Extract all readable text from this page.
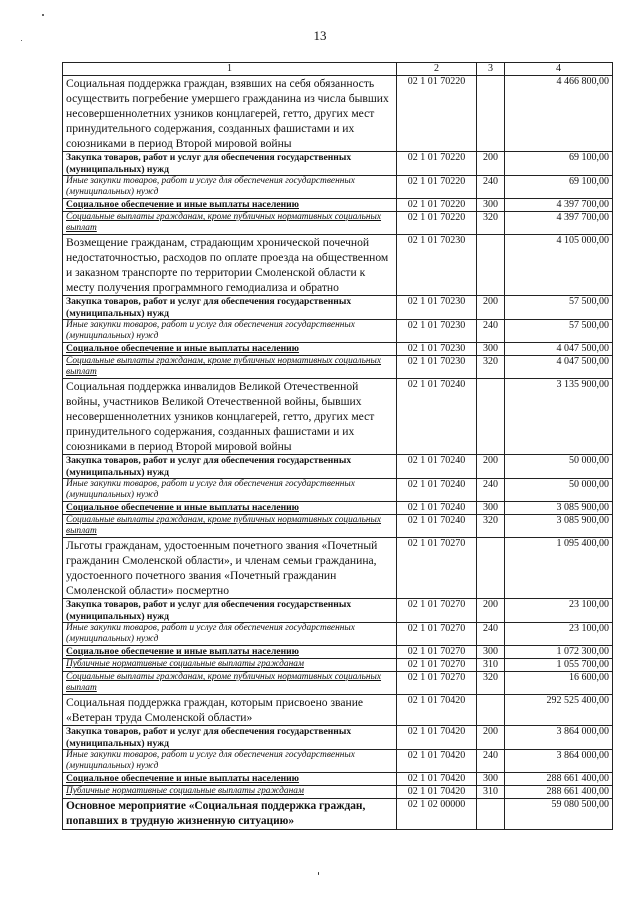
13
1	2	3	4
Социальная поддержка граждан, взявших на себя обязанность осуществить погребение умершего гражданина из числа бывших несовершеннолетних узников концлагерей, гетто, других мест принудительного содержания, созданных фашистами и их союзниками в период Второй мировой войны	02 1 01 70220		4 466 800,00
Закупка товаров, работ и услуг для обеспечения государственных (муниципальных) нужд	02 1 01 70220	200	69 100,00
Иные закупки товаров, работ и услуг для обеспечения государственных (муниципальных) нужд	02 1 01 70220	240	69 100,00
Социальное обеспечение и иные выплаты населению	02 1 01 70220	300	4 397 700,00
Социальные выплаты гражданам, кроме публичных нормативных социальных выплат	02 1 01 70220	320	4 397 700,00
Возмещение гражданам, страдающим хронической почечной недостаточностью, расходов по оплате проезда на общественном и заказном транспорте по территории Смоленской области к месту получения программного гемодиализа и обратно	02 1 01 70230		4 105 000,00
Закупка товаров, работ и услуг для обеспечения государственных (муниципальных) нужд	02 1 01 70230	200	57 500,00
Иные закупки товаров, работ и услуг для обеспечения государственных (муниципальных) нужд	02 1 01 70230	240	57 500,00
Социальное обеспечение и иные выплаты населению	02 1 01 70230	300	4 047 500,00
Социальные выплаты гражданам, кроме публичных нормативных социальных выплат	02 1 01 70230	320	4 047 500,00
Социальная поддержка инвалидов Великой Отечественной войны, участников Великой Отечественной войны, бывших несовершеннолетних узников концлагерей, гетто, других мест принудительного содержания, созданных фашистами и их союзниками в период Второй мировой войны	02 1 01 70240		3 135 900,00
Закупка товаров, работ и услуг для обеспечения государственных (муниципальных) нужд	02 1 01 70240	200	50 000,00
Иные закупки товаров, работ и услуг для обеспечения государственных (муниципальных) нужд	02 1 01 70240	240	50 000,00
Социальное обеспечение и иные выплаты населению	02 1 01 70240	300	3 085 900,00
Социальные выплаты гражданам, кроме публичных нормативных социальных выплат	02 1 01 70240	320	3 085 900,00
Льготы гражданам, удостоенным почетного звания «Почетный гражданин Смоленской области», и членам семьи гражданина, удостоенного почетного звания «Почетный гражданин Смоленской области» посмертно	02 1 01 70270		1 095 400,00
Закупка товаров, работ и услуг для обеспечения государственных (муниципальных) нужд	02 1 01 70270	200	23 100,00
Иные закупки товаров, работ и услуг для обеспечения государственных (муниципальных) нужд	02 1 01 70270	240	23 100,00
Социальное обеспечение и иные выплаты населению	02 1 01 70270	300	1 072 300,00
Публичные нормативные социальные выплаты гражданам	02 1 01 70270	310	1 055 700,00
Социальные выплаты гражданам, кроме публичных нормативных социальных выплат	02 1 01 70270	320	16 600,00
Социальная поддержка граждан, которым присвоено звание «Ветеран труда Смоленской области»	02 1 01 70420		292 525 400,00
Закупка товаров, работ и услуг для обеспечения государственных (муниципальных) нужд	02 1 01 70420	200	3 864 000,00
Иные закупки товаров, работ и услуг для обеспечения государственных (муниципальных) нужд	02 1 01 70420	240	3 864 000,00
Социальное обеспечение и иные выплаты населению	02 1 01 70420	300	288 661 400,00
Публичные нормативные социальные выплаты гражданам	02 1 01 70420	310	288 661 400,00
Основное мероприятие «Социальная поддержка граждан, попавших в трудную жизненную ситуацию»	02 1 02 00000		59 080 500,00
